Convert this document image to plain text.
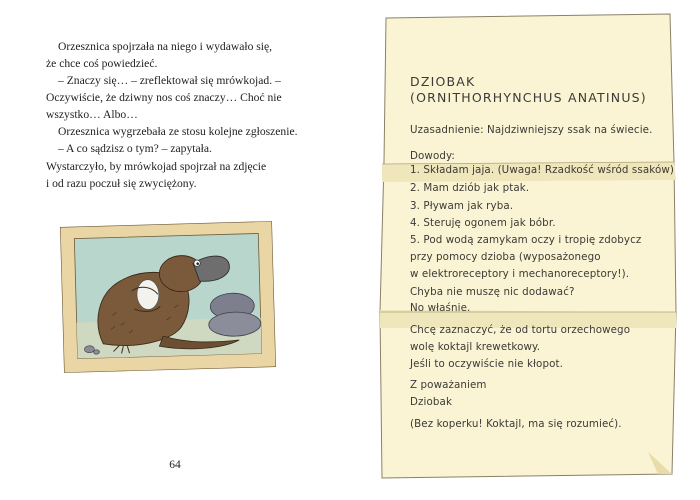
Orzesznica spojrzała na niego i wydawało się,
że chce coś powiedzieć.
– Znaczy się… – zreflektował się mrówkojad. –
Oczywiście, że dziwny nos coś znaczy… Choć nie
wszystko… Albo…
Orzesznica wygrzebała ze stosu kolejne zgłoszenie.
– A co sądzisz o tym? – zapytała.
Wystarczyło, by mrówkojad spojrzał na zdjęcie
i od razu poczuł się zwyciężony.
64
DZIOBAK
(ORNITHORHYNCHUS ANATINUS)
Uzasadnienie: Najdziwniejszy ssak na świecie.
Dowody:
1. Składam jaja. (Uwaga! Rzadkość wśród ssaków)
2. Mam dziób jak ptak.
3. Pływam jak ryba.
4. Steruję ogonem jak bóbr.
5. Pod wodą zamykam oczy i tropię zdobycz
przy pomocy dzioba (wyposażonego
w elektroreceptory i mechanoreceptory!).
Chyba nie muszę nic dodawać?
No właśnie.
Chcę zaznaczyć, że od tortu orzechowego
wolę koktajl krewetkowy.
Jeśli to oczywiście nie kłopot.
Z poważaniem
Dziobak
(Bez koperku! Koktajl, ma się rozumieć).
